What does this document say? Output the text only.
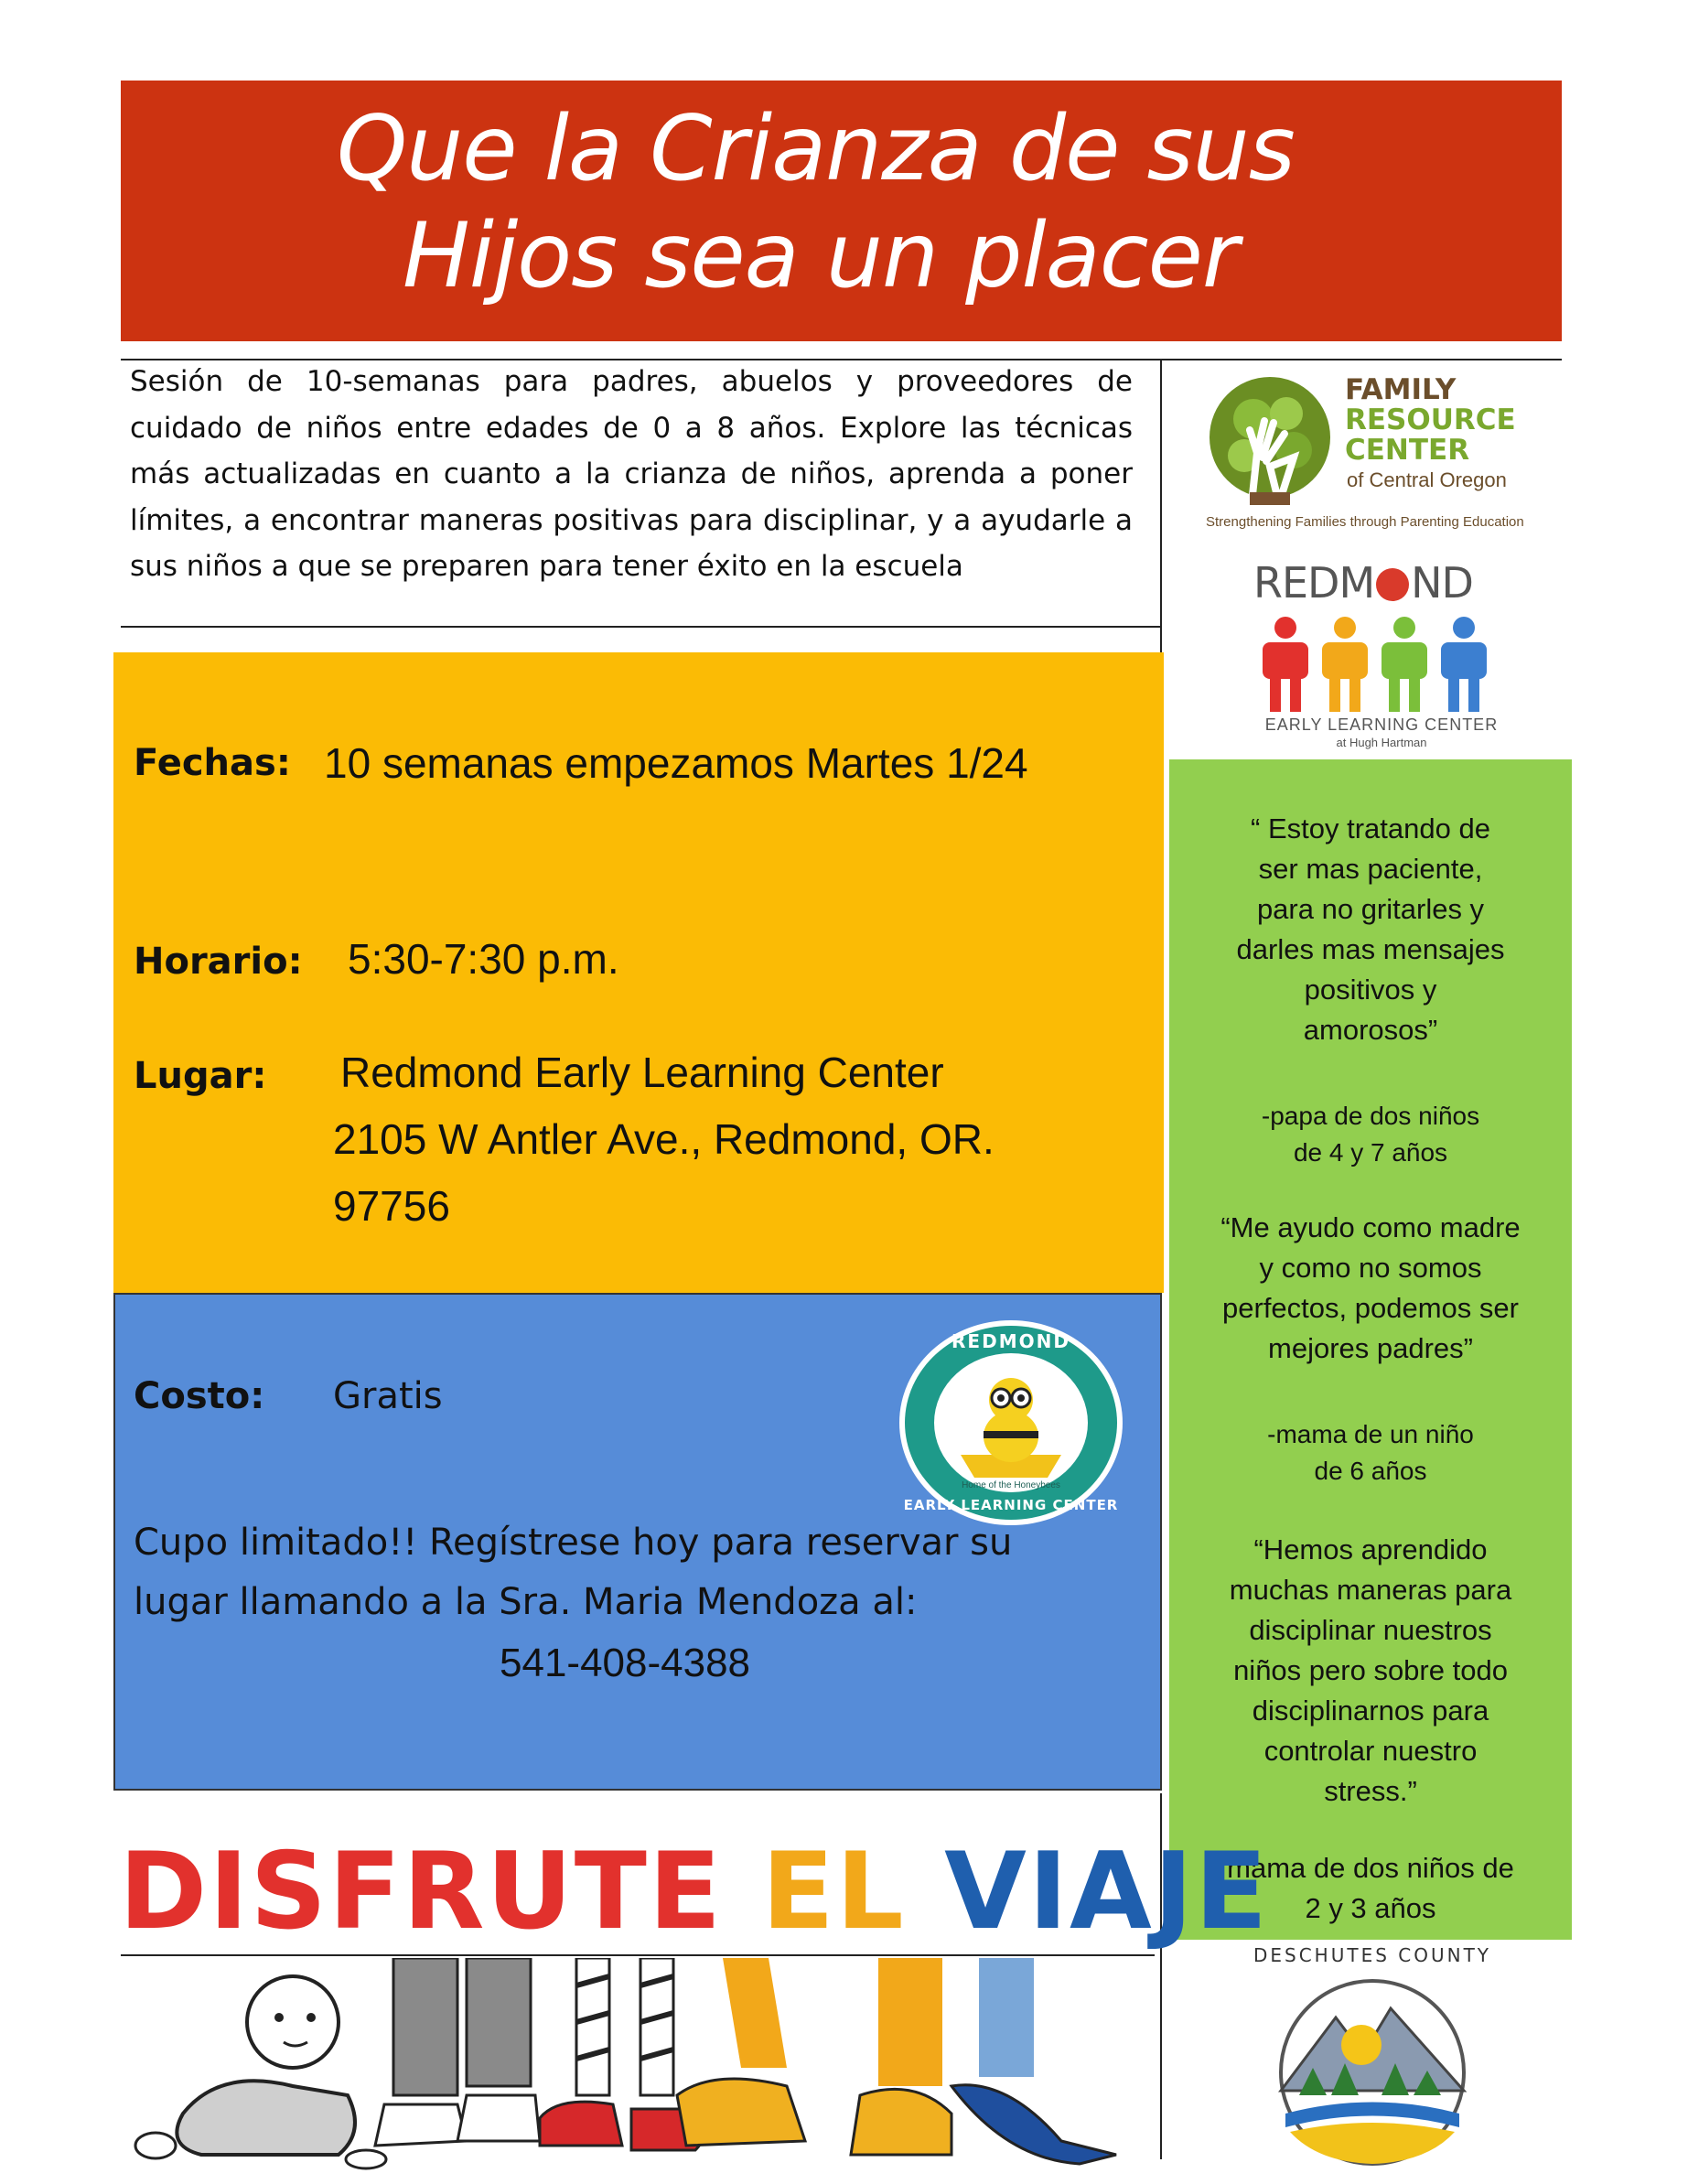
Que la Crianza de sus
Hijos sea un placer
Sesión de 10-semanas para padres, abuelos y proveedores de cuidado de niños entre edades de 0 a 8 años. Explore las técnicas más actualizadas en cuanto a la crianza de niños, aprenda a poner límites, a encontrar maneras positivas para disciplinar, y a ayudarle a sus niños a que se preparen para tener éxito en la escuela
FAMILY
RESOURCE
CENTER
of Central Oregon
Strengthening Families through Parenting Education
REDM ND
EARLY LEARNING CENTER
at Hugh Hartman
Fechas: 10 semanas empezamos Martes 1/24
Horario: 5:30-7:30 p.m.
Lugar: Redmond Early Learning Center
2105 W Antler Ave., Redmond, OR.
97756
Costo: Gratis
Cupo limitado!! Regístrese hoy para reservar su
lugar llamando a la Sra. Maria Mendoza al:
541-408-4388
REDMOND
Home of the Honeybees
EARLY LEARNING CENTER
“ Estoy tratando de
ser mas paciente,
para no gritarles y
darles mas mensajes
positivos y
amorosos”
-papa de dos niños
de 4 y 7 años
“Me ayudo como madre
y como no somos
perfectos, podemos ser
mejores padres”
-mama de un niño
de 6 años
“Hemos aprendido
muchas maneras para
disciplinar nuestros
niños pero sobre todo
disciplinarnos para
controlar nuestro
stress.”
mama de dos niños de
2 y 3 años
DISFRUTE EL VIAJE
DESCHUTES COUNTY
